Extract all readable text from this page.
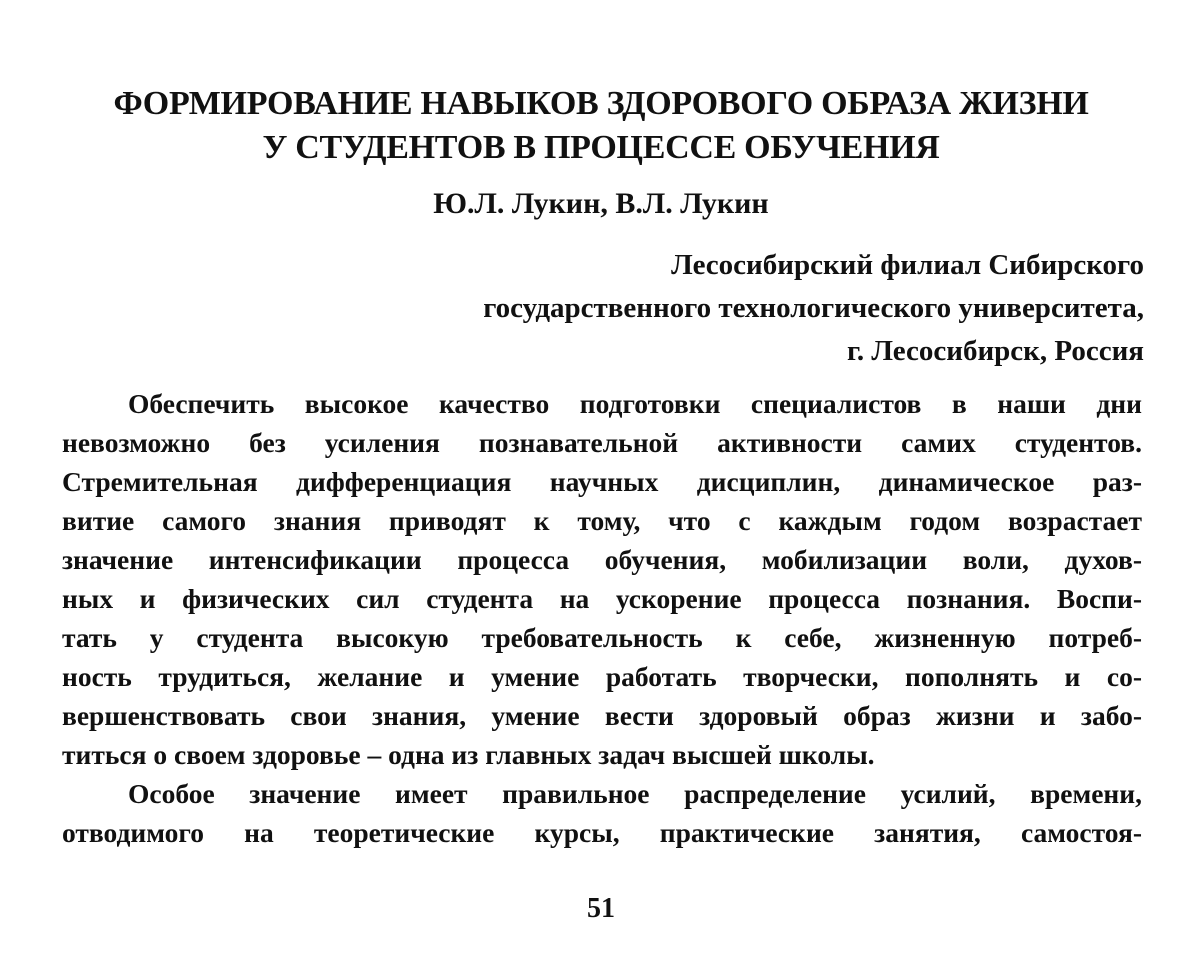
ФОРМИРОВАНИЕ НАВЫКОВ ЗДОРОВОГО ОБРАЗА ЖИЗНИ
У СТУДЕНТОВ В ПРОЦЕССЕ ОБУЧЕНИЯ
Ю.Л. Лукин, В.Л. Лукин
Лесосибирский филиал Сибирского
государственного технологического университета,
г. Лесосибирск, Россия

Обеспечить высокое качество подготовки специалистов в наши дни
невозможно без усиления познавательной активности самих студентов.
Стремительная дифференциация научных дисциплин, динамическое раз-
витие самого знания приводят к тому, что с каждым годом возрастает
значение интенсификации процесса обучения, мобилизации воли, духов-
ных и физических сил студента на ускорение процесса познания. Воспи-
тать у студента высокую требовательность к себе, жизненную потреб-
ность трудиться, желание и умение работать творчески, пополнять и со-
вершенствовать свои знания, умение вести здоровый образ жизни и забо-
титься о своем здоровье – одна из главных задач высшей школы.

Особое значение имеет правильное распределение усилий, времени,
отводимого на теоретические курсы, практические занятия, самостоя-

51
